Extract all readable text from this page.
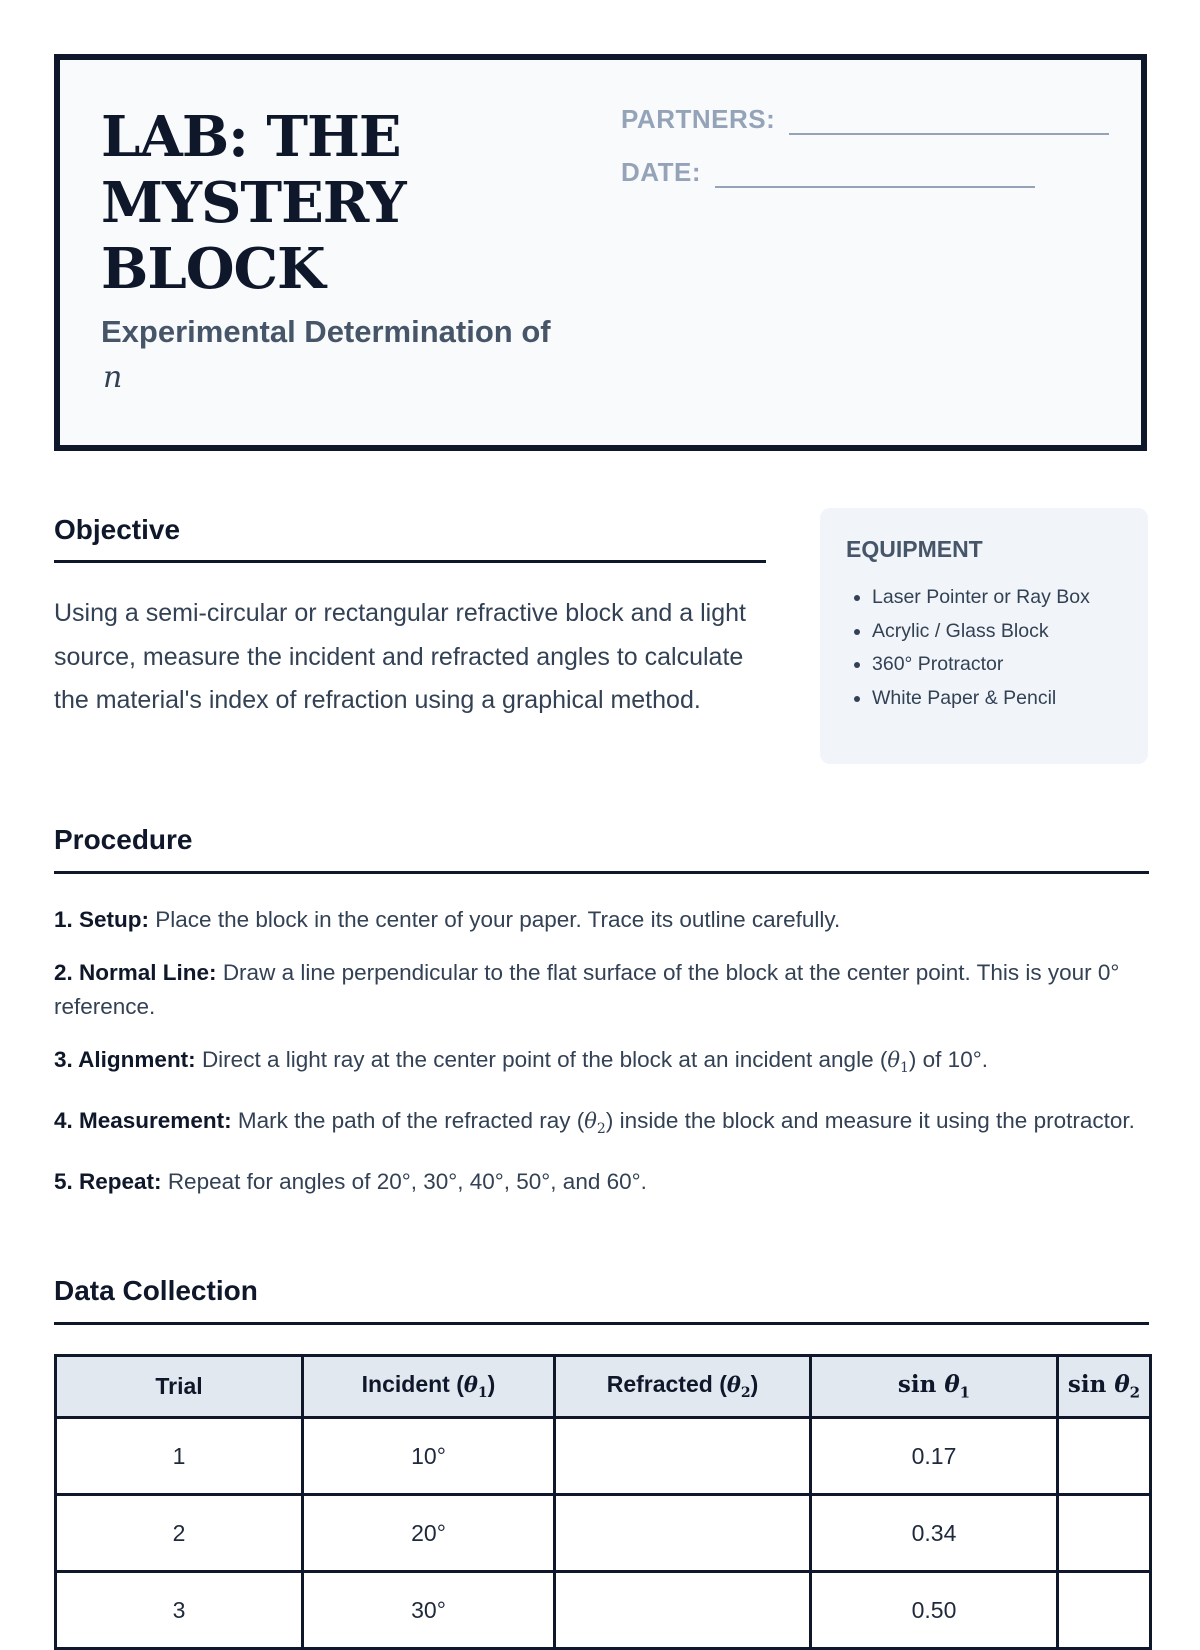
LAB: THE
MYSTERY
BLOCK

Experimental Determination of

n
PARTNERS:
DATE:
Objective

Using a semi-circular or rectangular refractive block and a light source, measure the incident and refracted angles to calculate the material's index of refraction using a graphical method.

EQUIPMENT
• Laser Pointer or Ray Box
• Acrylic / Glass Block
• 360° Protractor
• White Paper & Pencil
Procedure
1. Setup: Place the block in the center of your paper. Trace its outline carefully.
2. Normal Line: Draw a line perpendicular to the flat surface of the block at the center point. This is your 0° reference.
3. Alignment: Direct a light ray at the center point of the block at an incident angle $(\theta_1)$ of 10°.
4. Measurement: Mark the path of the refracted ray $(\theta_2)$ inside the block and measure it using the protractor.
5. Repeat: Repeat for angles of 20°, 30°, 40°, 50°, and 60°.
Data Collection
Trial	Incident $(\theta_1)$	Refracted $(\theta_2)$	$\sin \theta_1$	$\sin \theta_2$
1	10°		0.17	
2	20°		0.34	
3	30°		0.50	
